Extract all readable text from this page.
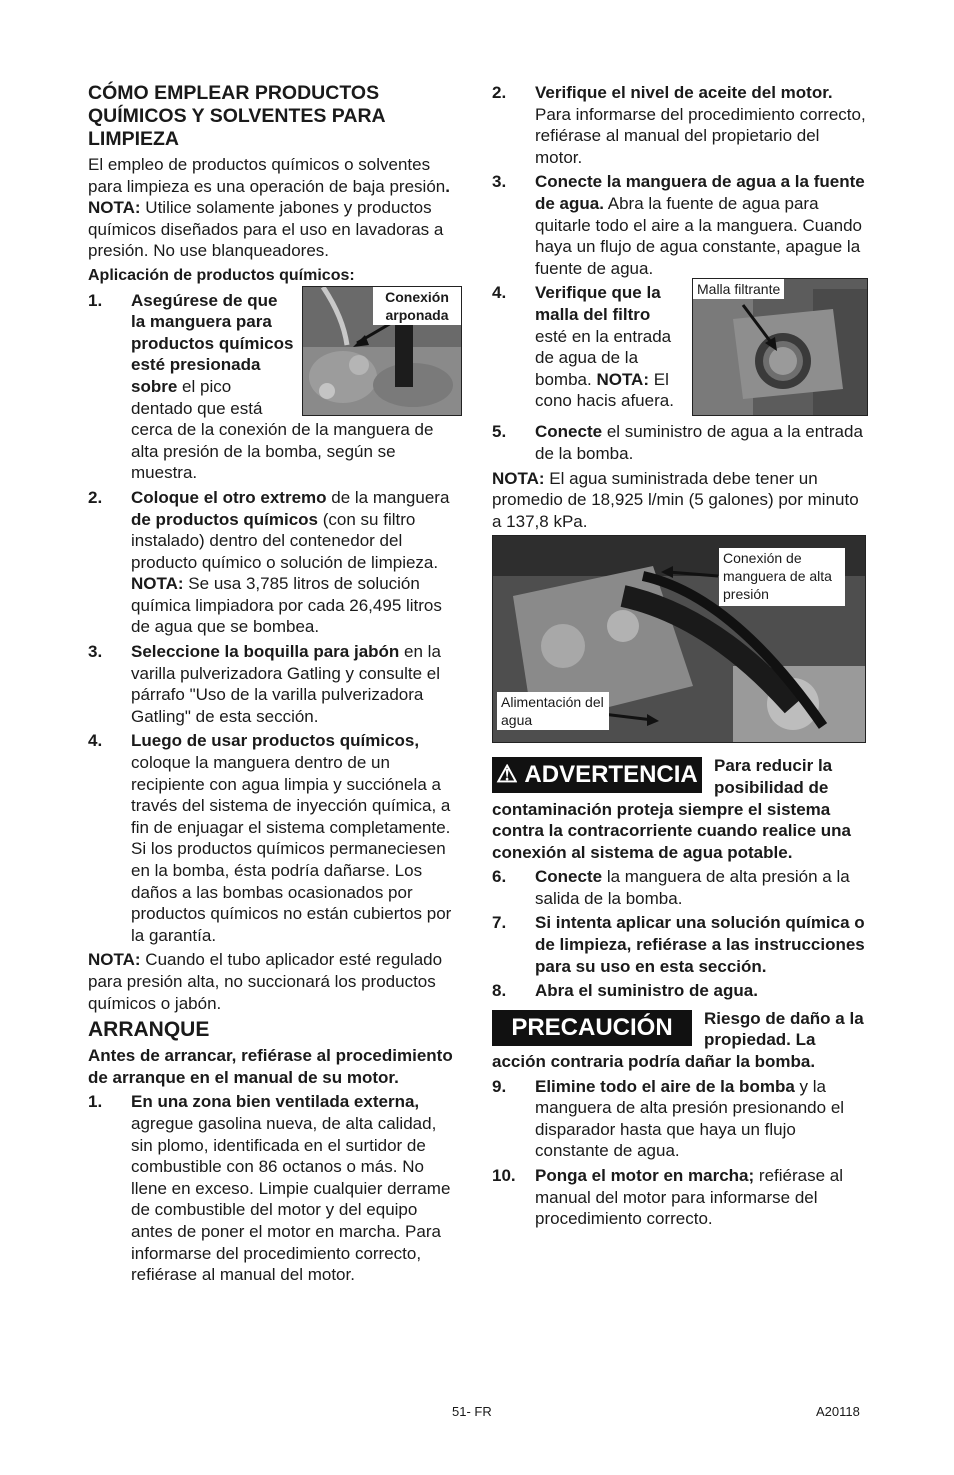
CÓMO EMPLEAR PRODUCTOS QUÍMICOS Y SOLVENTES PARA LIMPIEZA

El empleo de productos químicos o solventes para limpieza es una operación de baja presión. NOTA: Utilice solamente jabones y productos químicos diseñados para el uso en lavadoras a presión. No use blanqueadores.

Aplicación de productos químicos:

1.	Conexión arponada
Asegúrese de que la manguera para productos químicos esté presionada sobre el pico dentado que está cerca de la conexión de la manguera de alta presión de la bomba, según se muestra.
2.	Coloque el otro extremo de la manguera de productos químicos (con su filtro instalado) dentro del contenedor del producto químico o solución de limpieza. NOTA: Se usa 3,785 litros de solución química limpiadora por cada 26,495 litros de agua que se bombea.
3.	Seleccione la boquilla para jabón en la varilla pulverizadora Gatling y consulte el párrafo "Uso de la varilla pulverizadora Gatling" de esta sección.
4.	Luego de usar productos químicos, coloque la manguera dentro de un recipiente con agua limpia y succiónela a través del sistema de inyección química, a fin de enjuagar el sistema completamente. Si los productos químicos permaneciesen en la bomba, ésta podría dañarse. Los daños a las bombas ocasionados por productos químicos no están cubiertos por la garantía.

NOTA: Cuando el tubo aplicador esté regulado para presión alta, no succionará los productos químicos o jabón.

ARRANQUE

Antes de arrancar, refiérase al procedimiento de arranque en el manual de su motor.

1.	En una zona bien ventilada externa, agregue gasolina nueva, de alta calidad, sin plomo, identificada en el surtidor de combustible con 86 octanos o más. No llene en exceso. Limpie cualquier derrame de combustible del motor y del equipo antes de poner el motor en marcha. Para informarse del procedimiento correcto, refiérase al manual del motor.
2.	Verifique el nivel de aceite del motor. Para informarse del procedimiento correcto, refiérase al manual del propietario del motor.
3.	Conecte la manguera de agua a la fuente de agua. Abra la fuente de agua para quitarle todo el aire a la manguera. Cuando haya un flujo de agua constante, apague la fuente de agua.
4.	Malla filtrante
Verifique que la malla del filtro esté en la entrada de agua de la bomba. NOTA: El cono hacis afuera.
5.	Conecte el suministro de agua a la entrada de la bomba.

NOTA: El agua suministrada debe tener un promedio de 18,925 l/min (5 galones) por minuto a 137,8 kPa.

Conexión de manguera de alta presión
Alimentación del agua

⚠ ADVERTENCIA Para reducir la posibilidad de contaminación proteja siempre el sistema contra la contracorriente cuando realice una conexión al sistema de agua potable.

6.	Conecte la manguera de alta presión a la salida de la bomba.
7.	Si intenta aplicar una solución química o de limpieza, refiérase a las instrucciones para su uso en esta sección.
8.	Abra el suministro de agua.

PRECAUCIÓN	Riesgo de daño a la propiedad. La acción contraria podría dañar la bomba.

9.	Elimine todo el aire de la bomba y la manguera de alta presión presionando el disparador hasta que haya un flujo constante de agua.
10.	Ponga el motor en marcha; refiérase al manual del motor para informarse del procedimiento correcto.
51- FR	A20118
